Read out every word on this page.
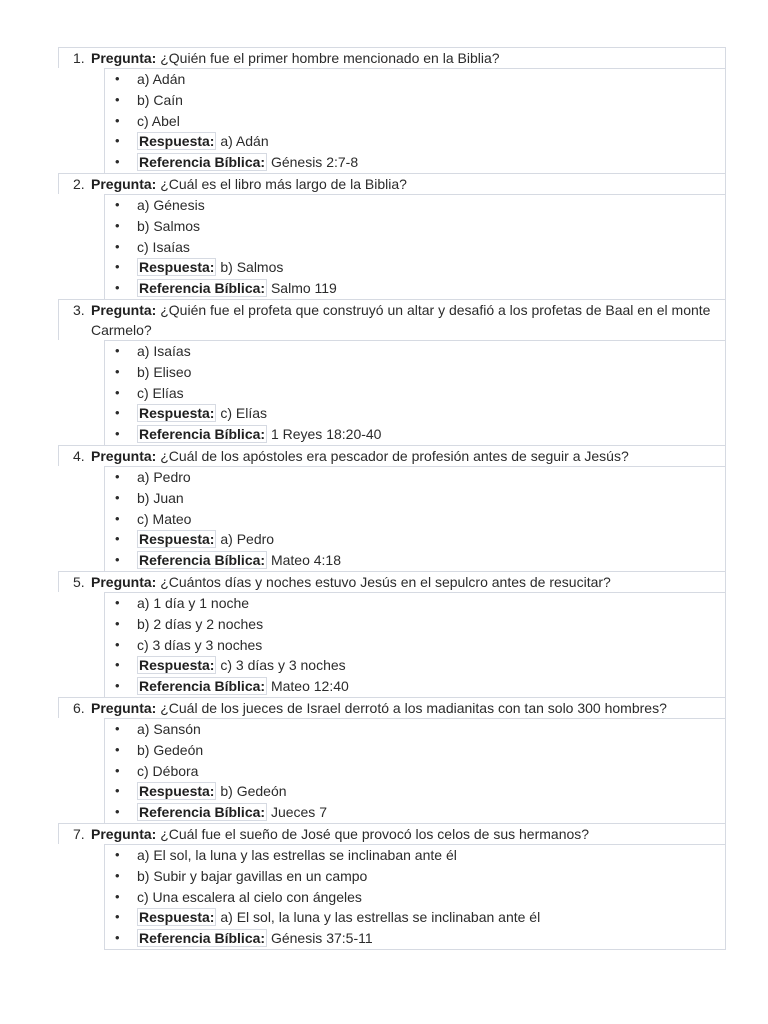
1. Pregunta: ¿Quién fue el primer hombre mencionado en la Biblia?
• a) Adán
• b) Caín
• c) Abel
• Respuesta: a) Adán
• Referencia Bíblica: Génesis 2:7-8
2. Pregunta: ¿Cuál es el libro más largo de la Biblia?
• a) Génesis
• b) Salmos
• c) Isaías
• Respuesta: b) Salmos
• Referencia Bíblica: Salmo 119
3. Pregunta: ¿Quién fue el profeta que construyó un altar y desafió a los profetas de Baal en el monte Carmelo?
• a) Isaías
• b) Eliseo
• c) Elías
• Respuesta: c) Elías
• Referencia Bíblica: 1 Reyes 18:20-40
4. Pregunta: ¿Cuál de los apóstoles era pescador de profesión antes de seguir a Jesús?
• a) Pedro
• b) Juan
• c) Mateo
• Respuesta: a) Pedro
• Referencia Bíblica: Mateo 4:18
5. Pregunta: ¿Cuántos días y noches estuvo Jesús en el sepulcro antes de resucitar?
• a) 1 día y 1 noche
• b) 2 días y 2 noches
• c) 3 días y 3 noches
• Respuesta: c) 3 días y 3 noches
• Referencia Bíblica: Mateo 12:40
6. Pregunta: ¿Cuál de los jueces de Israel derrotó a los madianitas con tan solo 300 hombres?
• a) Sansón
• b) Gedeón
• c) Débora
• Respuesta: b) Gedeón
• Referencia Bíblica: Jueces 7
7. Pregunta: ¿Cuál fue el sueño de José que provocó los celos de sus hermanos?
• a) El sol, la luna y las estrellas se inclinaban ante él
• b) Subir y bajar gavillas en un campo
• c) Una escalera al cielo con ángeles
• Respuesta: a) El sol, la luna y las estrellas se inclinaban ante él
• Referencia Bíblica: Génesis 37:5-11
